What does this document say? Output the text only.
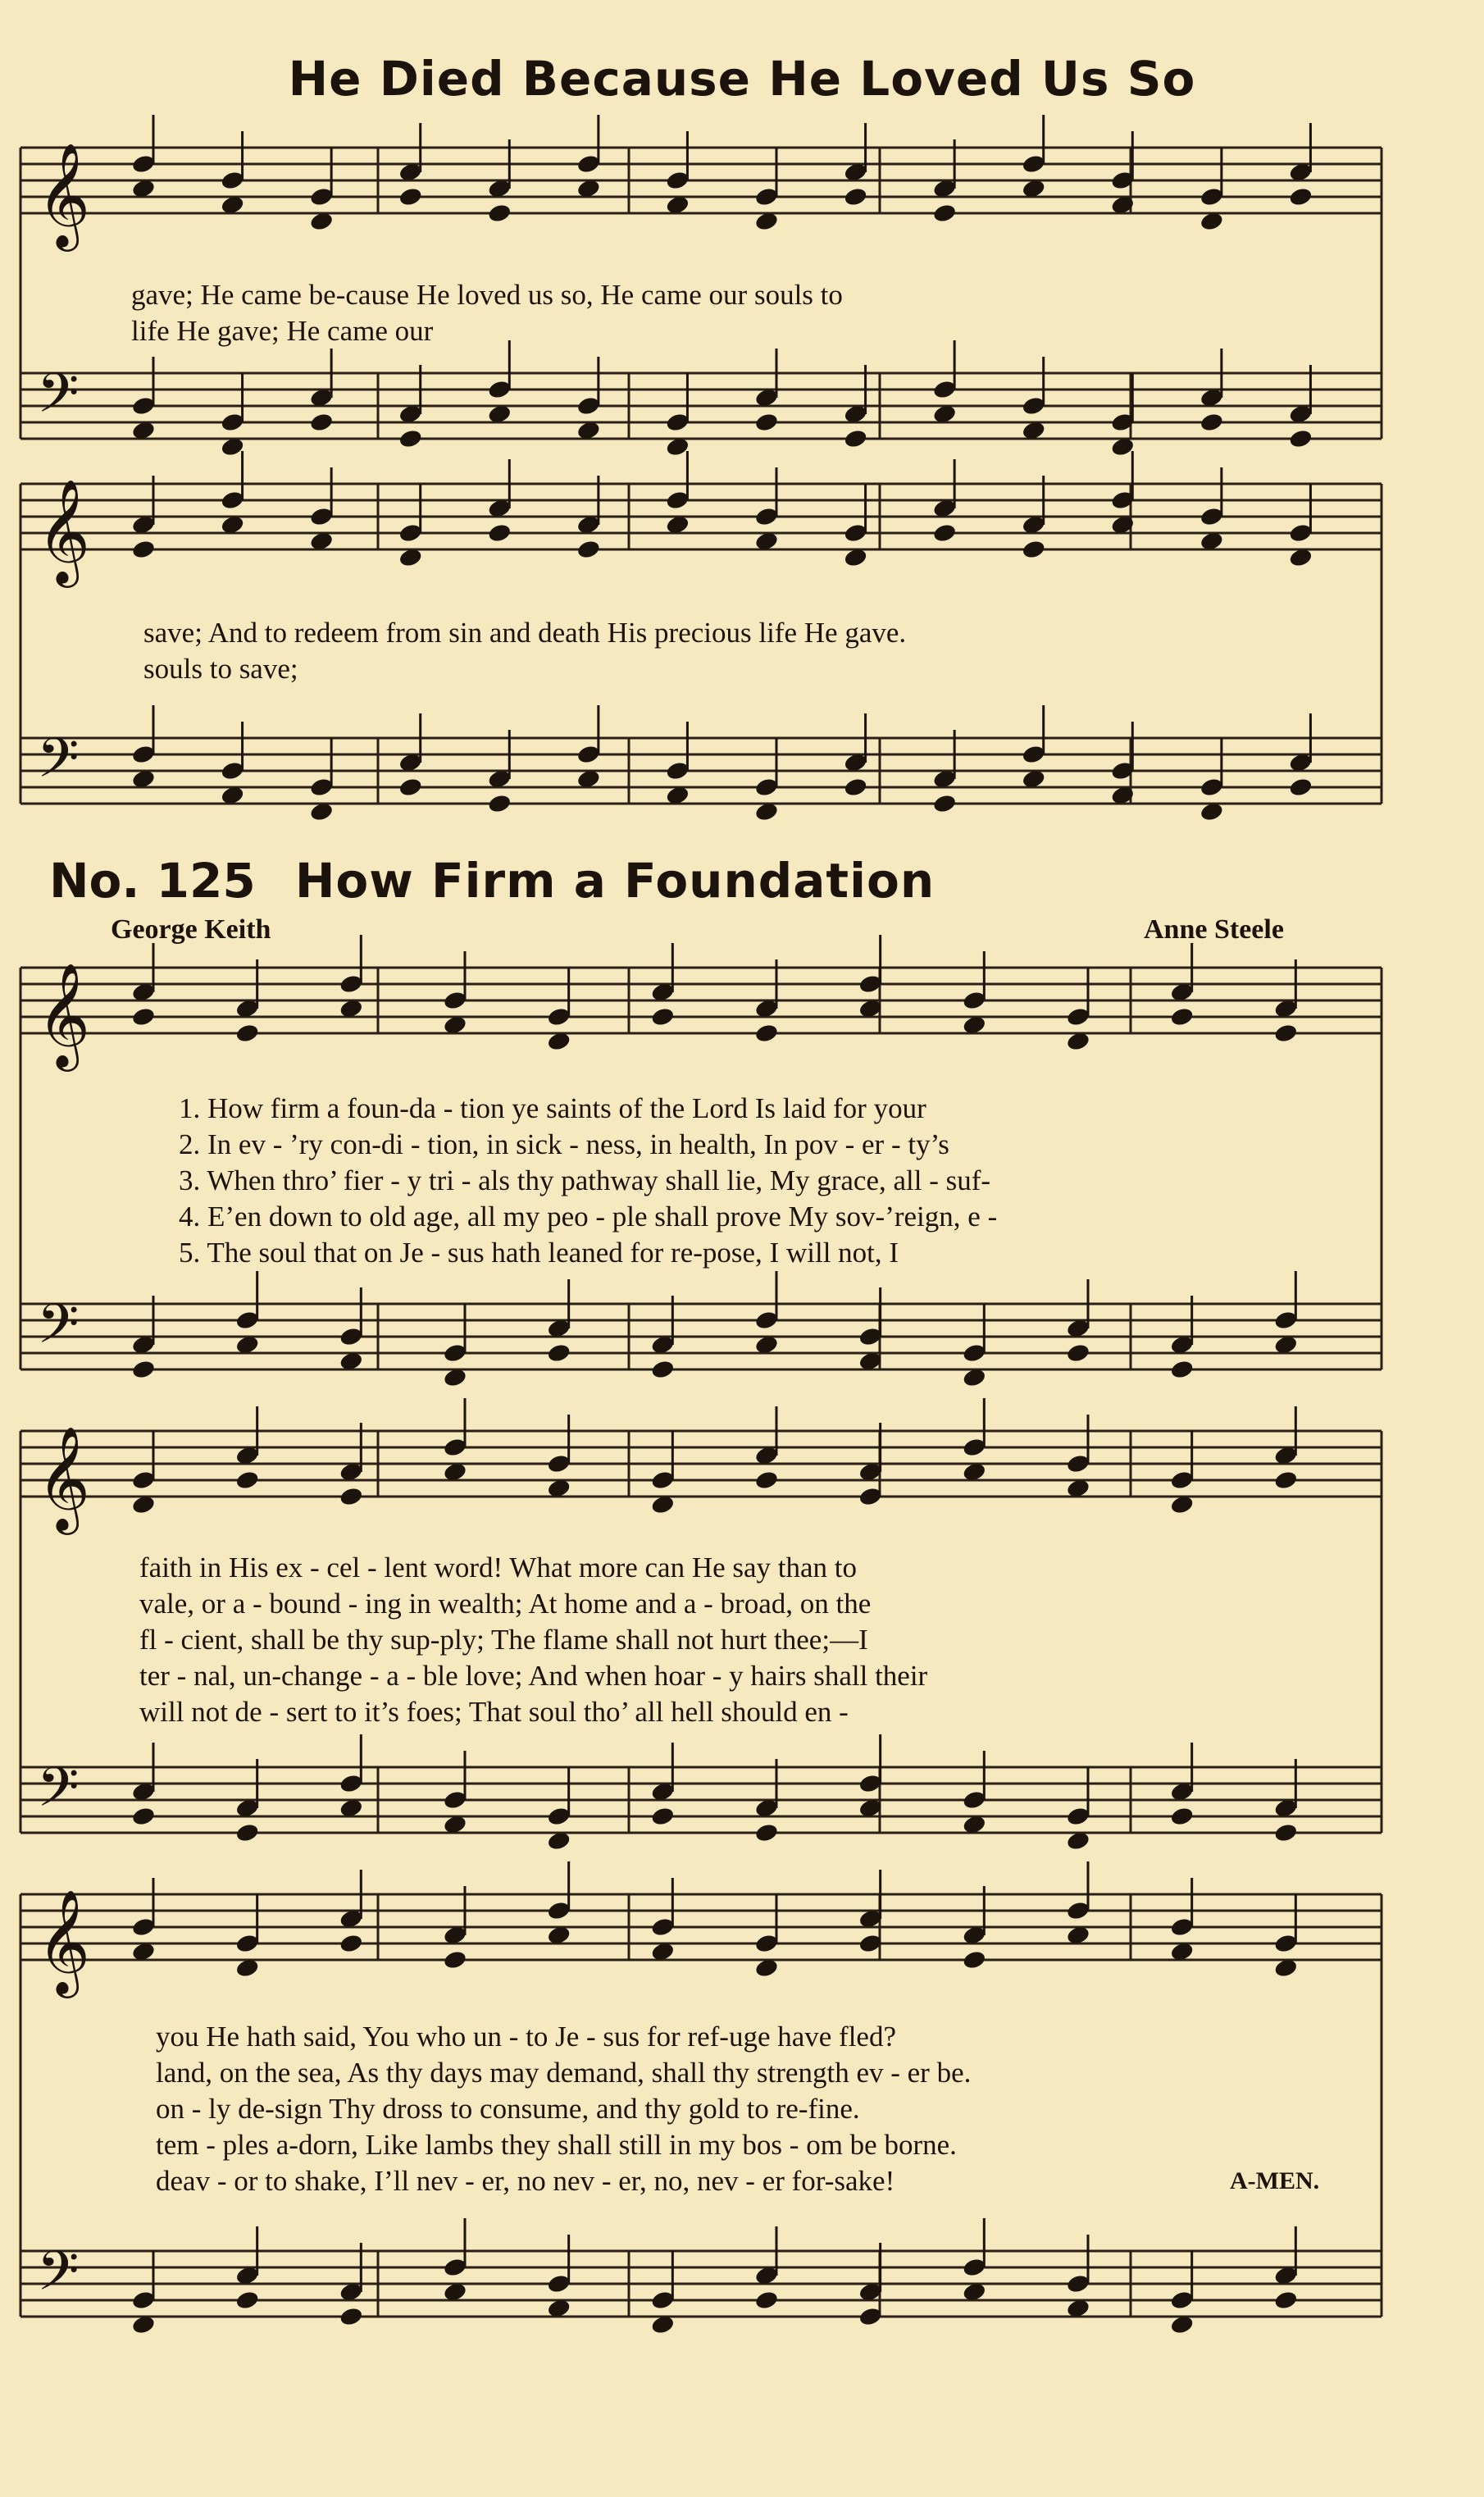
He Died Because He Loved Us So
𝄞
𝄢
𝄞
𝄢
𝄞
𝄢
𝄞
𝄢
𝄞
𝄢
gave; He came be-cause He loved us so, He came our souls to
life He gave; He came our
save; And to redeem from sin and death His precious life He gave.
souls to save;
No. 125 How Firm a Foundation
George Keith	Anne Steele
1. How firm a foun-da - tion ye saints of the Lord Is laid for your
2. In ev - ’ry con-di - tion, in sick - ness, in health, In pov - er - ty’s
3. When thro’ fier - y tri - als thy pathway shall lie, My grace, all - suf-
4. E’en down to old age, all my peo - ple shall prove My sov-’reign, e -
5. The soul that on Je - sus hath leaned for re-pose, I will not, I
faith in His ex - cel - lent word! What more can He say than to
vale, or a - bound - ing in wealth; At home and a - broad, on the
fl - cient, shall be thy sup-ply; The flame shall not hurt thee;—I
ter - nal, un-change - a - ble love; And when hoar - y hairs shall their
will not de - sert to it’s foes; That soul tho’ all hell should en -
you He hath said, You who un - to Je - sus for ref-uge have fled?
land, on the sea, As thy days may demand, shall thy strength ev - er be.
on - ly de-sign Thy dross to consume, and thy gold to re-fine.
tem - ples a-dorn, Like lambs they shall still in my bos - om be borne.
deav - or to shake, I’ll nev - er, no nev - er, no, nev - er for-sake!	A-MEN.
